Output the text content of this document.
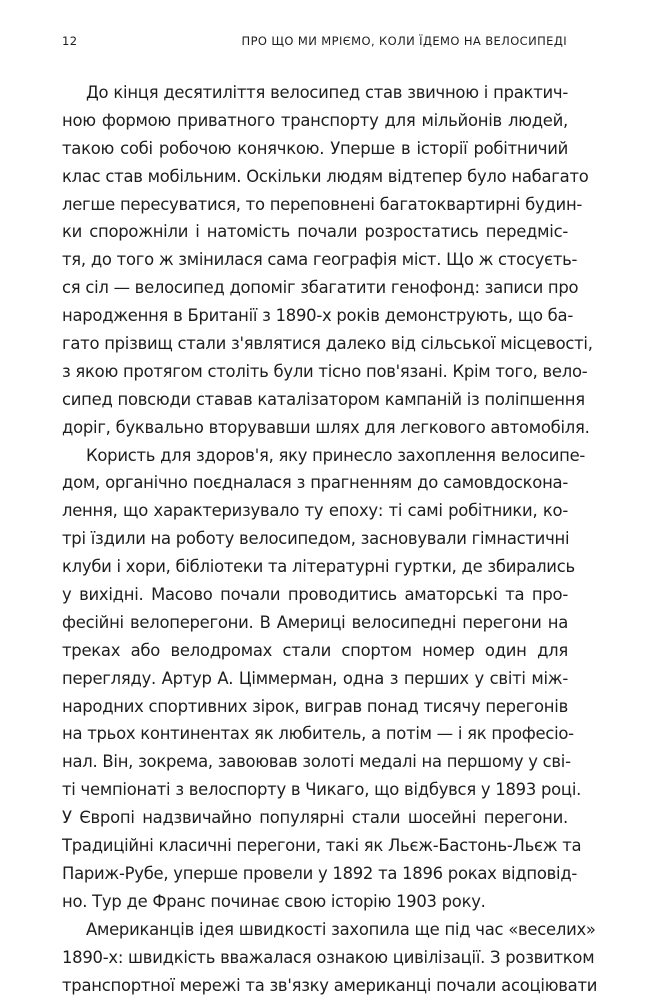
12	ПРО ЩО МИ МРІЄМО, КОЛИ ЇДЕМО НА ВЕЛОСИПЕДІ
До кінця десятиліття велосипед став звичною і практич-
ною формою приватного транспорту для мільйонів людей,
такою собі робочою конячкою. Уперше в історії робітничий
клас став мобільним. Оскільки людям відтепер було набагато
легше пересуватися, то переповнені багатоквартирні будин-
ки спорожніли і натомість почали розростатись передміс-
тя, до того ж змінилася сама географія міст. Що ж стосуєть-
ся сіл — велосипед допоміг збагатити генофонд: записи про
народження в Британії з 1890-х років демонструють, що ба-
гато прізвищ стали з'являтися далеко від сільської місцевості,
з якою протягом століть були тісно пов'язані. Крім того, вело-
сипед повсюди ставав каталізатором кампаній із поліпшення
доріг, буквально вторувавши шлях для легкового автомобіля.
Користь для здоров'я, яку принесло захоплення велосипе-
дом, органічно поєдналася з прагненням до самовдоскона-
лення, що характеризувало ту епоху: ті самі робітники, ко-
трі їздили на роботу велосипедом, засновували гімнастичні
клуби і хори, бібліотеки та літературні гуртки, де збирались
у вихідні. Масово почали проводитись аматорські та про-
фесійні велоперегони. В Америці велосипедні перегони на
треках або велодромах стали спортом номер один для
перегляду. Артур А. Ціммерман, одна з перших у світі між-
народних спортивних зірок, виграв понад тисячу перегонів
на трьох континентах як любитель, а потім — і як професіо-
нал. Він, зокрема, завоював золоті медалі на першому у сві-
ті чемпіонаті з велоспорту в Чикаго, що відбувся у 1893 році.
У Європі надзвичайно популярні стали шосейні перегони.
Традиційні класичні перегони, такі як Льєж-Бастонь-Льєж та
Париж-Рубе, уперше провели у 1892 та 1896 роках відповід-
но. Тур де Франс починає свою історію 1903 року.
Американців ідея швидкості захопила ще під час «веселих»
1890-х: швидкість вважалася ознакою цивілізації. З розвитком
транспортної мережі та зв'язку американці почали асоціювати
